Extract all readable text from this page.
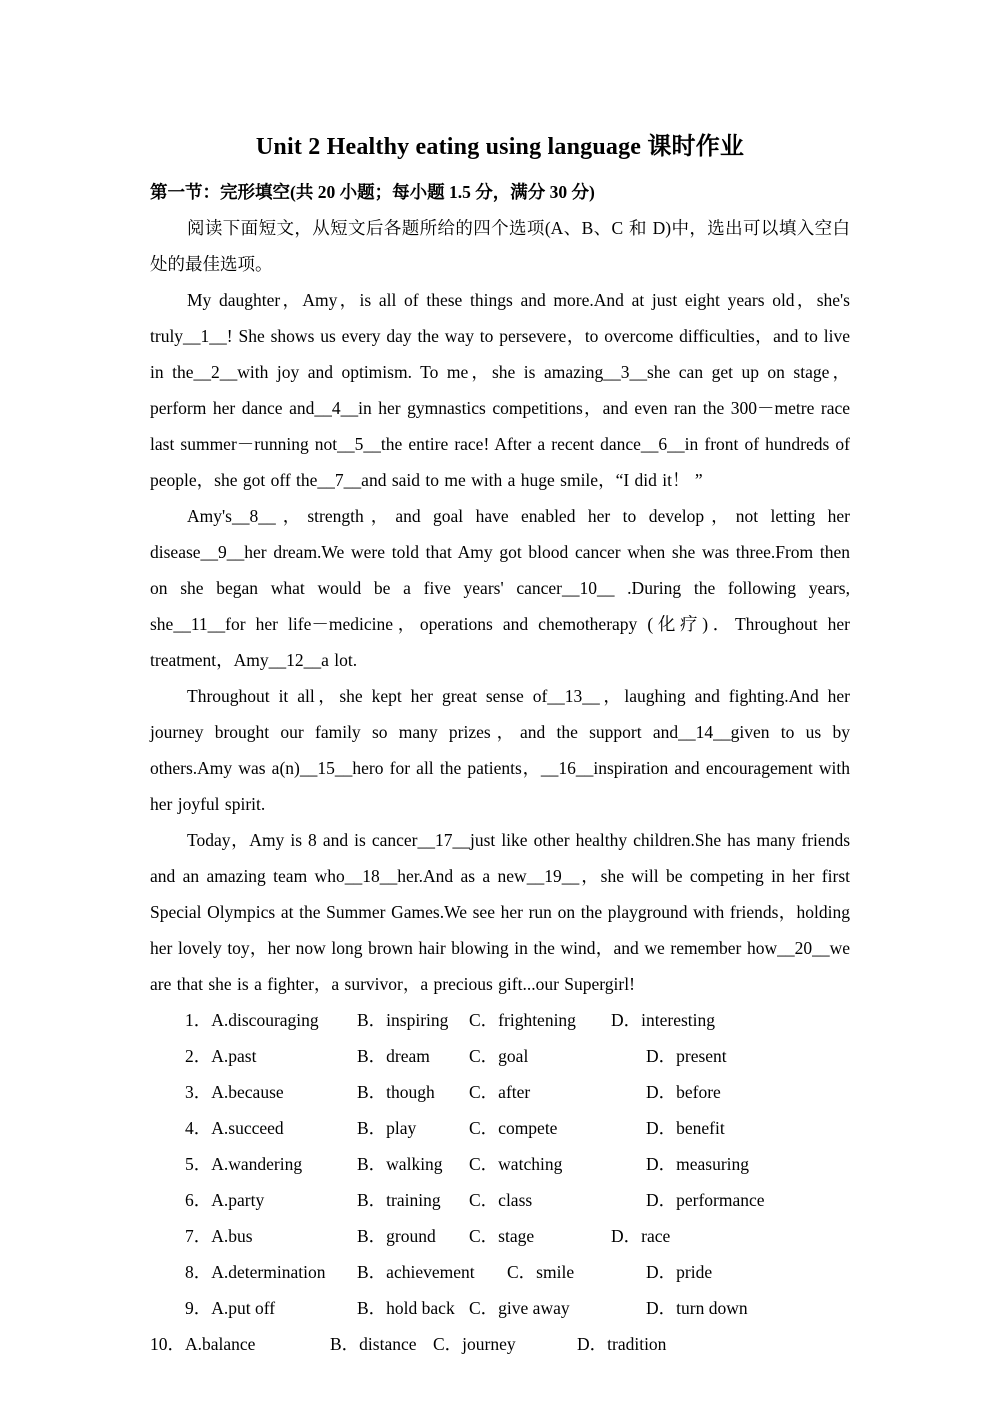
Unit 2 Healthy eating using language 课时作业

第一节：完形填空(共 20 小题；每小题 1.5 分，满分 30 分)

阅读下面短文，从短文后各题所给的四个选项(A、B、C 和 D)中，选出可以填入空白处的最佳选项。

My daughter，Amy，is all of these things and more.And at just eight years old，she's truly__1__! She shows us every day the way to persevere，to overcome difficulties，and to live in the__2__with joy and optimism. To me，she is amazing__3__she can get up on stage，perform her dance and__4__in her gymnastics competitions，and even ran the 300－metre race last summer－running not__5__the entire race! After a recent dance__6__in front of hundreds of people，she got off the__7__and said to me with a huge smile，“I did it！ ”

Amy's__8__，strength，and goal have enabled her to develop，not letting her disease__9__her dream.We were told that Amy got blood cancer when she was three.From then on she began what would be a five years' cancer__10__ .During the following years, she__11__for her life－medicine，operations and chemotherapy (化疗)．Throughout her treatment，Amy__12__a lot.

Throughout it all，she kept her great sense of__13__，laughing and fighting.And her journey brought our family so many prizes，and the support and__14__given to us by others.Amy was a(n)__15__hero for all the patients，__16__inspiration and encouragement with her joyful spirit.

Today，Amy is 8 and is cancer__17__just like other healthy children.She has many friends and an amazing team who__18__her.And as a new__19__，she will be competing in her first Special Olympics at the Summer Games.We see her run on the playground with friends，holding her lovely toy，her now long brown hair blowing in the wind，and we remember how__20__we are that she is a fighter，a survivor，a precious gift...our Supergirl!

1．A.discouraging	B．inspiring	C．frightening	D．interesting
2．A.past	B．dream	C．goal	D．present
3．A.because	B．though	C．after	D．before
4．A.succeed	B．play	C．compete	D．benefit
5．A.wandering	B．walking	C．watching	D．measuring
6．A.party	B．training	C．class	D．performance
7．A.bus	B．ground	C．stage	D．race
8．A.determination	B．achievement	C．smile	D．pride
9．A.put off	B．hold back C．give away	D．turn down
10．A.balance	B．distance C．journey	D．tradition
